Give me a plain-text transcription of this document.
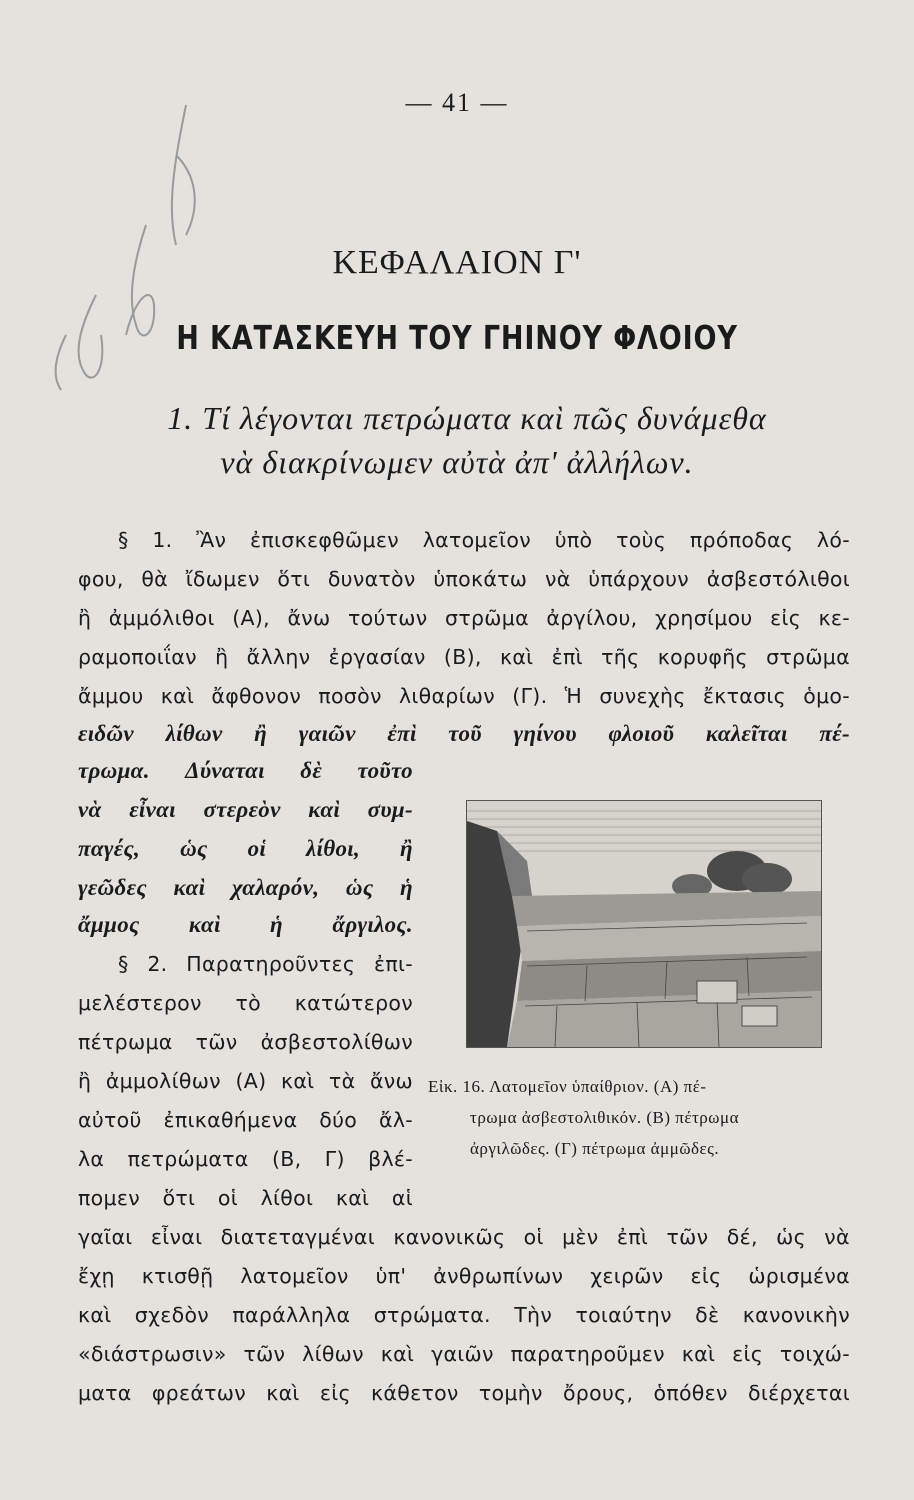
— 41 —
ΚΕΦΑΛΑΙΟΝ Γ'
Η ΚΑΤΑΣΚΕΥΗ ΤΟΥ ΓΗΙΝΟΥ ΦΛΟΙΟΥ
1. Τί λέγονται πετρώματα καὶ πῶς δυνάμεθα
νὰ διακρίνωμεν αὐτὰ ἀπ' ἀλλήλων.
§ 1. Ἂν ἐπισκεφθῶμεν λατομεῖον ὑπὸ τοὺς πρόποδας λό-
φου, θὰ ἴδωμεν ὅτι δυνατὸν ὑποκάτω νὰ ὑπάρχουν ἀσβεστόλιθοι
ἢ ἀμμόλιθοι (Α), ἄνω τούτων στρῶμα ἀργίλου, χρησίμου εἰς κε-
ραμοποιΐαν ἢ ἄλλην ἐργασίαν (Β), καὶ ἐπὶ τῆς κορυφῆς στρῶμα
ἄμμου καὶ ἄφθονον ποσὸν λιθαρίων (Γ). Ἡ συνεχὴς ἔκτασις ὁμο-
ειδῶν λίθων ἢ γαιῶν ἐπὶ τοῦ γηίνου φλοιοῦ καλεῖται πέ-
τρωμα. Δύναται δὲ τοῦτο
νὰ εἶναι στερεὸν καὶ συμ-
παγές, ὡς οἱ λίθοι, ἢ
γεῶδες καὶ χαλαρόν, ὡς ἡ
ἄμμος καὶ ἡ ἄργιλος.
§ 2. Παρατηροῦντες ἐπι-
μελέστερον τὸ κατώτερον
πέτρωμα τῶν ἀσβεστολίθων
ἢ ἀμμολίθων (Α) καὶ τὰ ἄνω
αὐτοῦ ἐπικαθήμενα δύο ἄλ-
λα πετρώματα (Β, Γ) βλέ-
πομεν ὅτι οἱ λίθοι καὶ αἱ
γαῖαι εἶναι διατεταγμέναι κανονικῶς οἱ μὲν ἐπὶ τῶν δέ, ὡς νὰ
ἔχῃ κτισθῇ λατομεῖον ὑπ' ἀνθρωπίνων χειρῶν εἰς ὡρισμένα
καὶ σχεδὸν παράλληλα στρώματα. Τὴν τοιαύτην δὲ κανονικὴν
«διάστρωσιν» τῶν λίθων καὶ γαιῶν παρατηροῦμεν καὶ εἰς τοιχώ-
ματα φρεάτων καὶ εἰς κάθετον τομὴν ὄρους, ὁπόθεν διέρχεται
Εἰκ. 16. Λατομεῖον ὑπαίθριον. (Α) πέ-
τρωμα ἀσβεστολιθικόν. (Β) πέτρωμα
ἀργιλῶδες. (Γ) πέτρωμα ἀμμῶδες.
